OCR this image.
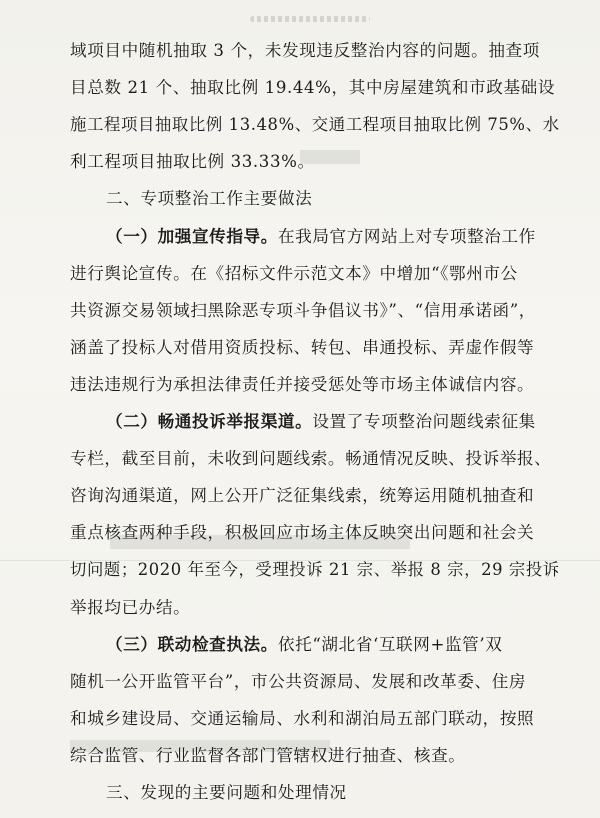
域项目中随机抽取 3 个，未发现违反整治内容的问题。抽查项
目总数 21 个、抽取比例 19.44%，其中房屋建筑和市政基础设
施工程项目抽取比例 13.48%、交通工程项目抽取比例 75%、水
利工程项目抽取比例 33.33%。
二、专项整治工作主要做法
（一）加强宣传指导。在我局官方网站上对专项整治工作
进行舆论宣传。在《招标文件示范文本》中增加“《鄂州市公
共资源交易领域扫黑除恶专项斗争倡议书》”、“信用承诺函”，
涵盖了投标人对借用资质投标、转包、串通投标、弄虚作假等
违法违规行为承担法律责任并接受惩处等市场主体诚信内容。
（二）畅通投诉举报渠道。设置了专项整治问题线索征集
专栏，截至目前，未收到问题线索。畅通情况反映、投诉举报、
咨询沟通渠道，网上公开广泛征集线索，统筹运用随机抽查和
重点核查两种手段，积极回应市场主体反映突出问题和社会关
切问题；2020 年至今，受理投诉 21 宗、举报 8 宗，29 宗投诉
举报均已办结。
（三）联动检查执法。依托“湖北省‘互联网+监管’双
随机一公开监管平台”，市公共资源局、发展和改革委、住房
和城乡建设局、交通运输局、水利和湖泊局五部门联动，按照
综合监管、行业监督各部门管辖权进行抽查、核查。
三、发现的主要问题和处理情况
